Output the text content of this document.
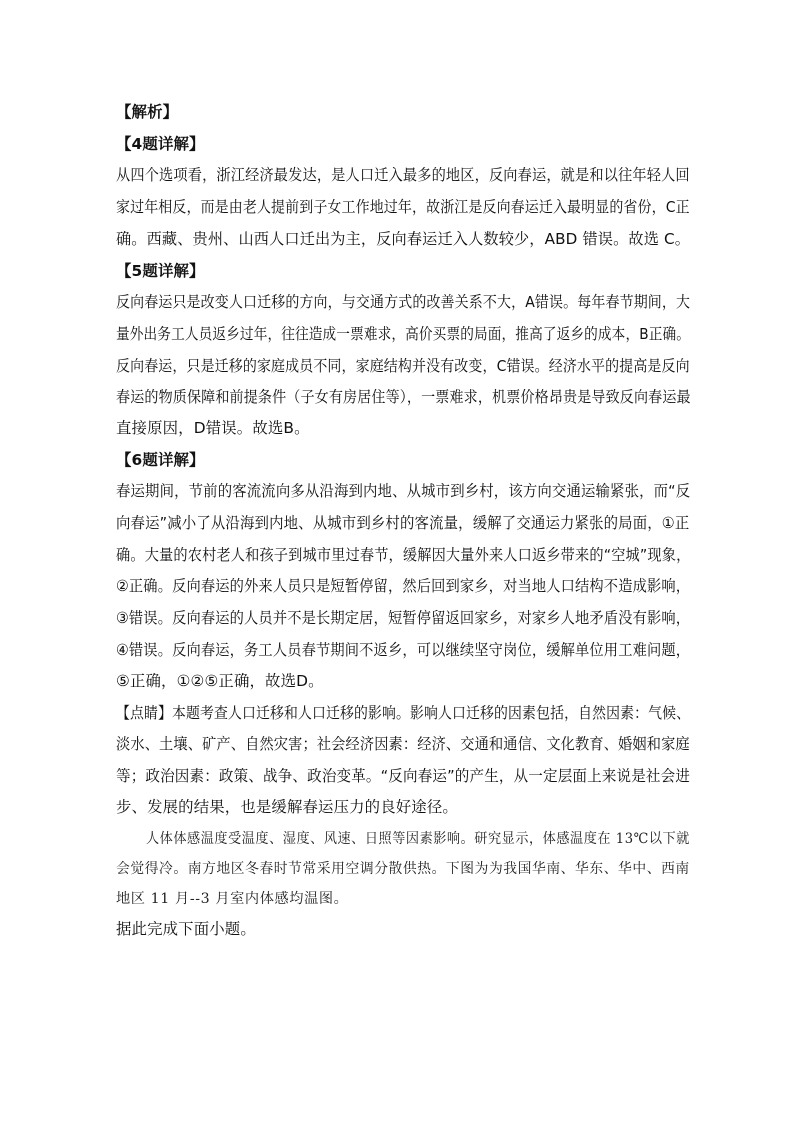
【解析】
【4题详解】
从四个选项看，浙江经济最发达，是人口迁入最多的地区，反向春运，就是和以往年轻人回
家过年相反，而是由老人提前到子女工作地过年，故浙江是反向春运迁入最明显的省份，C正
确。西藏、贵州、山西人口迁出为主，反向春运迁入人数较少，ABD 错误。故选 C。
【5题详解】
反向春运只是改变人口迁移的方向，与交通方式的改善关系不大，A错误。每年春节期间，大
量外出务工人员返乡过年，往往造成一票难求，高价买票的局面，推高了返乡的成本，B正确。
反向春运，只是迁移的家庭成员不同，家庭结构并没有改变，C错误。经济水平的提高是反向
春运的物质保障和前提条件（子女有房居住等），一票难求，机票价格昂贵是导致反向春运最
直接原因，D错误。故选B。
【6题详解】
春运期间，节前的客流流向多从沿海到内地、从城市到乡村，该方向交通运输紧张，而“反
向春运”减小了从沿海到内地、从城市到乡村的客流量，缓解了交通运力紧张的局面，①正
确。大量的农村老人和孩子到城市里过春节，缓解因大量外来人口返乡带来的“空城”现象，
②正确。反向春运的外来人员只是短暂停留，然后回到家乡，对当地人口结构不造成影响，
③错误。反向春运的人员并不是长期定居，短暂停留返回家乡，对家乡人地矛盾没有影响，
④错误。反向春运，务工人员春节期间不返乡，可以继续坚守岗位，缓解单位用工难问题，
⑤正确，①②⑤正确，故选D。
【点睛】本题考查人口迁移和人口迁移的影响。影响人口迁移的因素包括，自然因素：气候、
淡水、土壤、矿产、自然灾害；社会经济因素：经济、交通和通信、文化教育、婚姻和家庭
等；政治因素：政策、战争、政治变革。“反向春运”的产生，从一定层面上来说是社会进
步、发展的结果，也是缓解春运压力的良好途径。
人体体感温度受温度、湿度、风速、日照等因素影响。研究显示，体感温度在 13℃以下就
会觉得冷。南方地区冬春时节常采用空调分散供热。下图为为我国华南、华东、华中、西南
地区 11 月--3 月室内体感均温图。
据此完成下面小题。
